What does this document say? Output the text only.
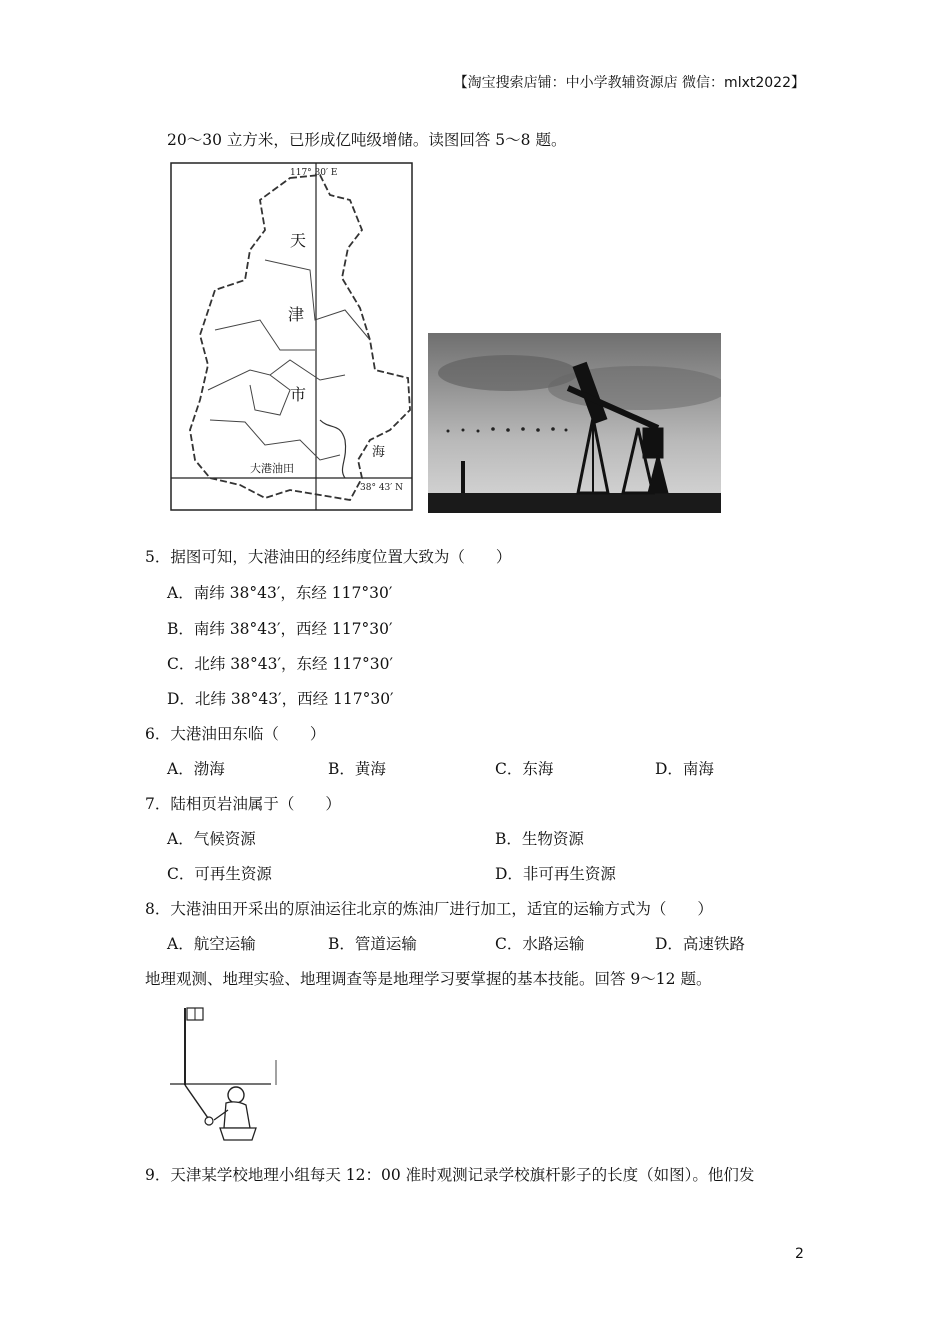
【淘宝搜索店铺：中小学教辅资源店 微信：mlxt2022】
20～30 立方米，已形成亿吨级增储。读图回答 5～8 题。
117° 30′ E
38° 43′ N
天
津
市
海
大港油田
5．据图可知，大港油田的经纬度位置大致为（　　）
A．南纬 38°43′，东经 117°30′
B．南纬 38°43′，西经 117°30′
C．北纬 38°43′，东经 117°30′
D．北纬 38°43′，西经 117°30′
6．大港油田东临（　　）
A．渤海	B．黄海	C．东海	D．南海
7．陆相页岩油属于（　　）
A．气候资源	B．生物资源
C．可再生资源	D．非可再生资源
8．大港油田开采出的原油运往北京的炼油厂进行加工，适宜的运输方式为（　　）
A．航空运输	B．管道运输	C．水路运输	D．高速铁路
地理观测、地理实验、地理调查等是地理学习要掌握的基本技能。回答 9～12 题。
9．天津某学校地理小组每天 12：00 准时观测记录学校旗杆影子的长度（如图）。他们发
2
